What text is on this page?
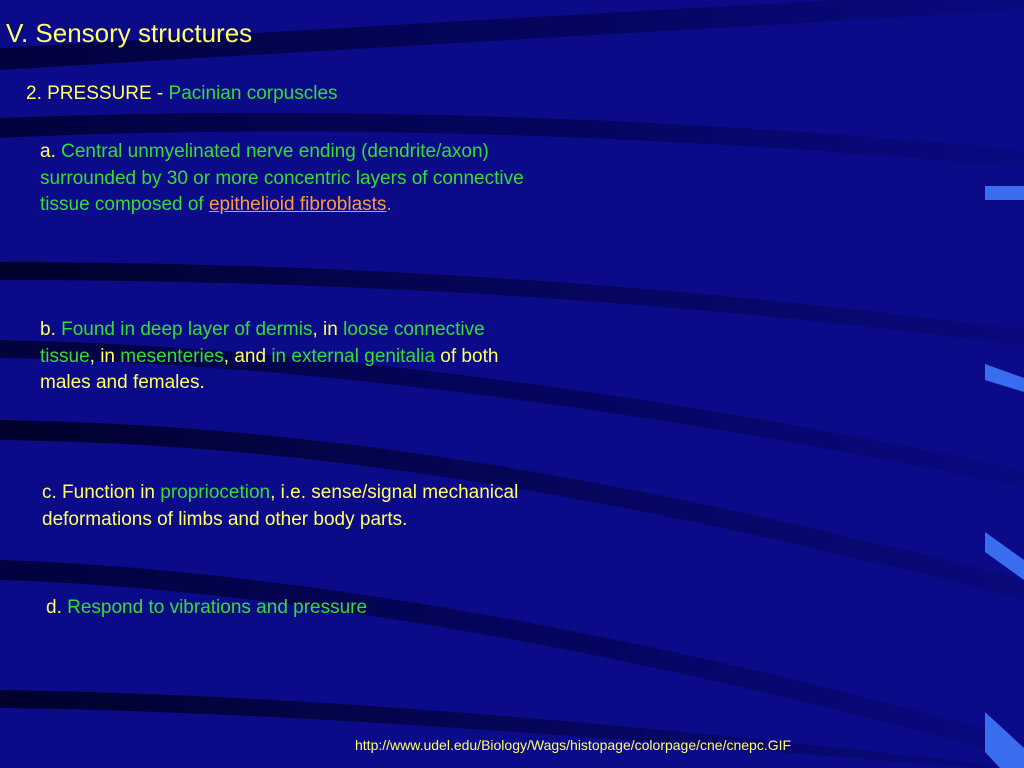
V. Sensory structures

2. PRESSURE - Pacinian corpuscles

a. Central unmyelinated nerve ending (dendrite/axon) surrounded by 30 or more concentric layers of connective tissue composed of epithelioid fibroblasts.

b. Found in deep layer of dermis, in loose connective tissue, in mesenteries, and in external genitalia of both males and females.

c. Function in propriocetion, i.e. sense/signal mechanical deformations of limbs and other body parts.

d. Respond to vibrations and pressure

http://www.udel.edu/Biology/Wags/histopage/colorpage/cne/cnepc.GIF
